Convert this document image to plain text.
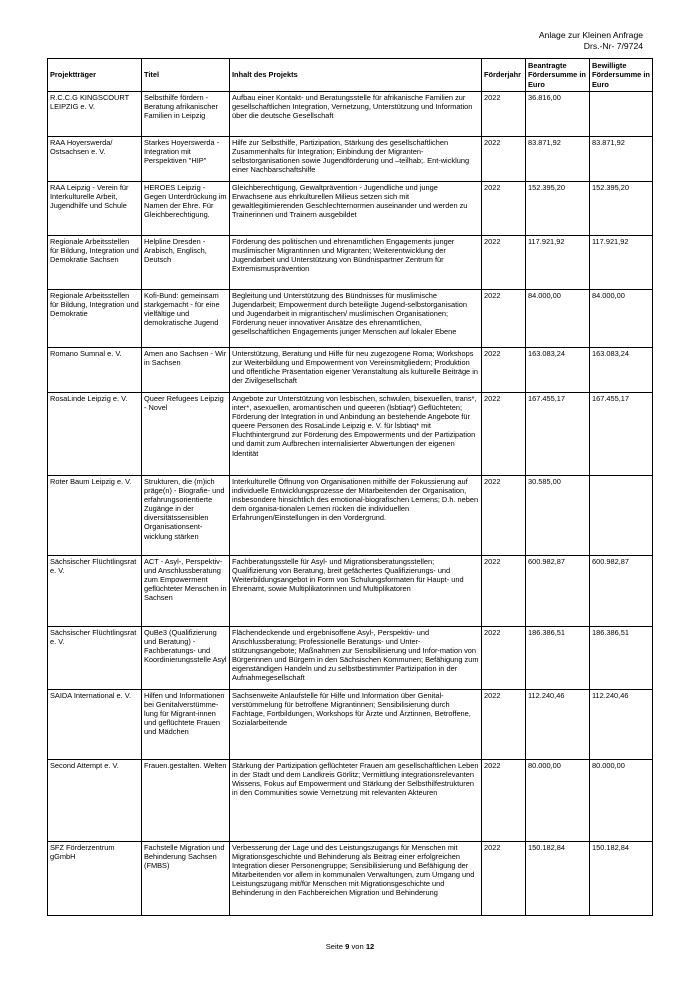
Anlage zur Kleinen Anfrage
Drs.-Nr- 7/9724
Projektträger	Titel	Inhalt des Projekts	Förderjahr	Beantragte Fördersumme in Euro	Bewilligte Fördersumme in Euro
R.C.C.G KINGSCOURT LEIPZIG e. V.	Selbsthilfe fördern - Beratung afrikanischer Familien in Leipzig	Aufbau einer Kontakt- und Beratungsstelle für afrikanische Familien zur gesellschaftlichen Integration, Vernetzung, Unterstützung und Information über die deutsche Gesellschaft	2022	36.816,00	
RAA Hoyerswerda/ Ostsachsen e. V.	Starkes Hoyerswerda - Integration mit Perspektiven "HIP"	Hilfe zur Selbsthilfe, Partizipation, Stärkung des gesellschaftlichen Zusammenhalts für Integration; Einbindung der Migranten-selbstorganisationen sowie Jugendförderung und –teilhab;. Ent-wicklung einer Nachbarschaftshilfe	2022	83.871,92	83.871,92
RAA Leipzig - Verein für Interkulturelle Arbeit, Jugendhilfe und Schule	HEROES Leipzig - Gegen Unterdrückung im Namen der Ehre. Für Gleichberechtigung.	Gleichberechtigung, Gewaltprävention - Jugendliche und junge Erwachsene aus ehrkulturellen Milieus setzen sich mit gewaltlegitimierenden Geschlechternormen auseinander und werden zu Trainerinnen und Trainern ausgebildet	2022	152.395,20	152.395,20
Regionale Arbeitsstellen für Bildung, Integration und Demokratie Sachsen	Helpline Dresden - Arabisch, Englisch, Deutsch	Förderung des politischen und ehrenamtlichen Engagements junger muslimischer Migrantinnen und Migranten; Weiterentwicklung der Jugendarbeit und Unterstützung von Bündnispartner Zentrum für Extremismusprävention	2022	117.921,92	117.921,92
Regionale Arbeitsstellen für Bildung, Integration und Demokratie	Kofi-Bund: gemeinsam starkgemacht - für eine vielfältige und demokratische Jugend	Begleitung und Unterstützung des Bündnisses für muslimische Jugendarbeit; Empowerment durch beteiligte Jugend-selbstorganisation und Jugendarbeit in migrantischen/ muslimischen Organisationen; Förderung neuer innovativer Ansätze des ehrenamtlichen, gesellschaftlichen Engagements junger Menschen auf lokaler Ebene	2022	84.000,00	84.000,00
Romano Sumnal e. V.	Amen ano Sachsen - Wir in Sachsen	Unterstützung, Beratung und Hilfe für neu zugezogene Roma; Workshops zur Weiterbildung und Empowerment von Vereinsmitgliedern; Produktion und öffentliche Präsentation eigener Veranstaltung als kulturelle Beiträge in der Zivilgesellschaft	2022	163.083,24	163.083,24
RosaLinde Leipzig e. V.	Queer Refugees Leipzig - Novel	Angebote zur Unterstützung von lesbischen, schwulen, bisexuellen, trans*, inter*, asexuellen, aromantischen und queeren (lsbtiaq*) Geflüchteten; Förderung der Integration in und Anbindung an bestehende Angebote für queere Personen des RosaLinde Leipzig e. V. für lsbtiaq* mit Fluchthintergrund zur Förderung des Empowerments und der Partizipation und damit zum Aufbrechen internalisierter Abwertungen der eigenen Identität	2022	167.455,17	167.455,17
Roter Baum Leipzig e. V.	Strukturen, die (m)ich präge(n) - Biografie- und erfahrungsorientierte Zugänge in der diversitätssensiblen Organisationsent-wicklung stärken	Interkulturelle Öffnung von Organisationen mithilfe der Fokussierung auf individuelle Entwicklungsprozesse der Mitarbeitenden der Organisation, insbesondere hinsichtlich des emotional-biografischen Lernens; D.h. neben dem organisa-tionalen Lernen rücken die individuellen Erfahrungen/Einstellungen in den Vordergrund.	2022	30.585,00	
Sächsischer Flüchtlingsrat e. V.	ACT - Asyl-, Perspektiv- und Anschlussberatung zum Empowerment geflüchteter Menschen in Sachsen	Fachberatungsstelle für Asyl- und Migrationsberatungsstellen; Qualifizierung von Beratung, breit gefächertes Qualifizierungs- und Weiterbildungsangebot in Form von Schulungsformaten für Haupt- und Ehrenamt, sowie Multiplikatorinnen und Multiplikatoren	2022	600.982,87	600.982,87
Sächsischer Flüchtlingsrat e. V.	QuBe3 (Qualifizierung und Beratung) - Fachberatungs- und Koordinierungsstelle Asyl	Flächendeckende und ergebnisoffene Asyl-, Perspektiv- und Anschlussberatung; Professionelle Beratungs- und Unter-stützungsangebote; Maßnahmen zur Sensibilisierung und Infor-mation von Bürgerinnen und Bürgern in den Sächsischen Kommunen; Befähigung zum eigenständigen Handeln und zu selbstbestimmter Partizipation in der Aufnahmegesellschaft	2022	186.386,51	186.386,51
SAIDA International e. V.	Hilfen und Informationen bei Genitalverstümme-lung für Migrant-innen und geflüchtete Frauen und Mädchen	Sachsenweite Anlaufstelle für Hilfe und Information über Genital-verstümmelung für betroffene Migrantinnen; Sensibilisierung durch Fachtage, Fortbildungen, Workshops für Ärzte und Ärztinnen, Betroffene, Sozialarbeitende	2022	112.240,46	112.240,46
Second Attempt e. V.	Frauen.gestalten. Welten	Stärkung der Partizipation geflüchteter Frauen am gesellschaftlichen Leben in der Stadt und dem Landkreis Görlitz; Vermittlung integrationsrelevanten Wissens, Fokus auf Empowerment und Stärkung der Selbsthilfestrukturen in den Communities sowie Vernetzung mit relevanten Akteuren	2022	80.000,00	80.000,00
SFZ Förderzentrum gGmbH	Fachstelle Migration und Behinderung Sachsen (FMBS)	Verbesserung der Lage und des Leistungszugangs für Menschen mit Migrationsgeschichte und Behinderung als Beitrag einer erfolgreichen Integration dieser Personengruppe; Sensibilisierung und Befähigung der Mitarbeitenden vor allem in kommunalen Verwaltungen, zum Umgang und Leistungszugang mit/für Menschen mit Migrationsgeschichte und Behinderung in den Fachbereichen Migration und Behinderung	2022	150.182,84	150.182,84
Seite 9 von 12
